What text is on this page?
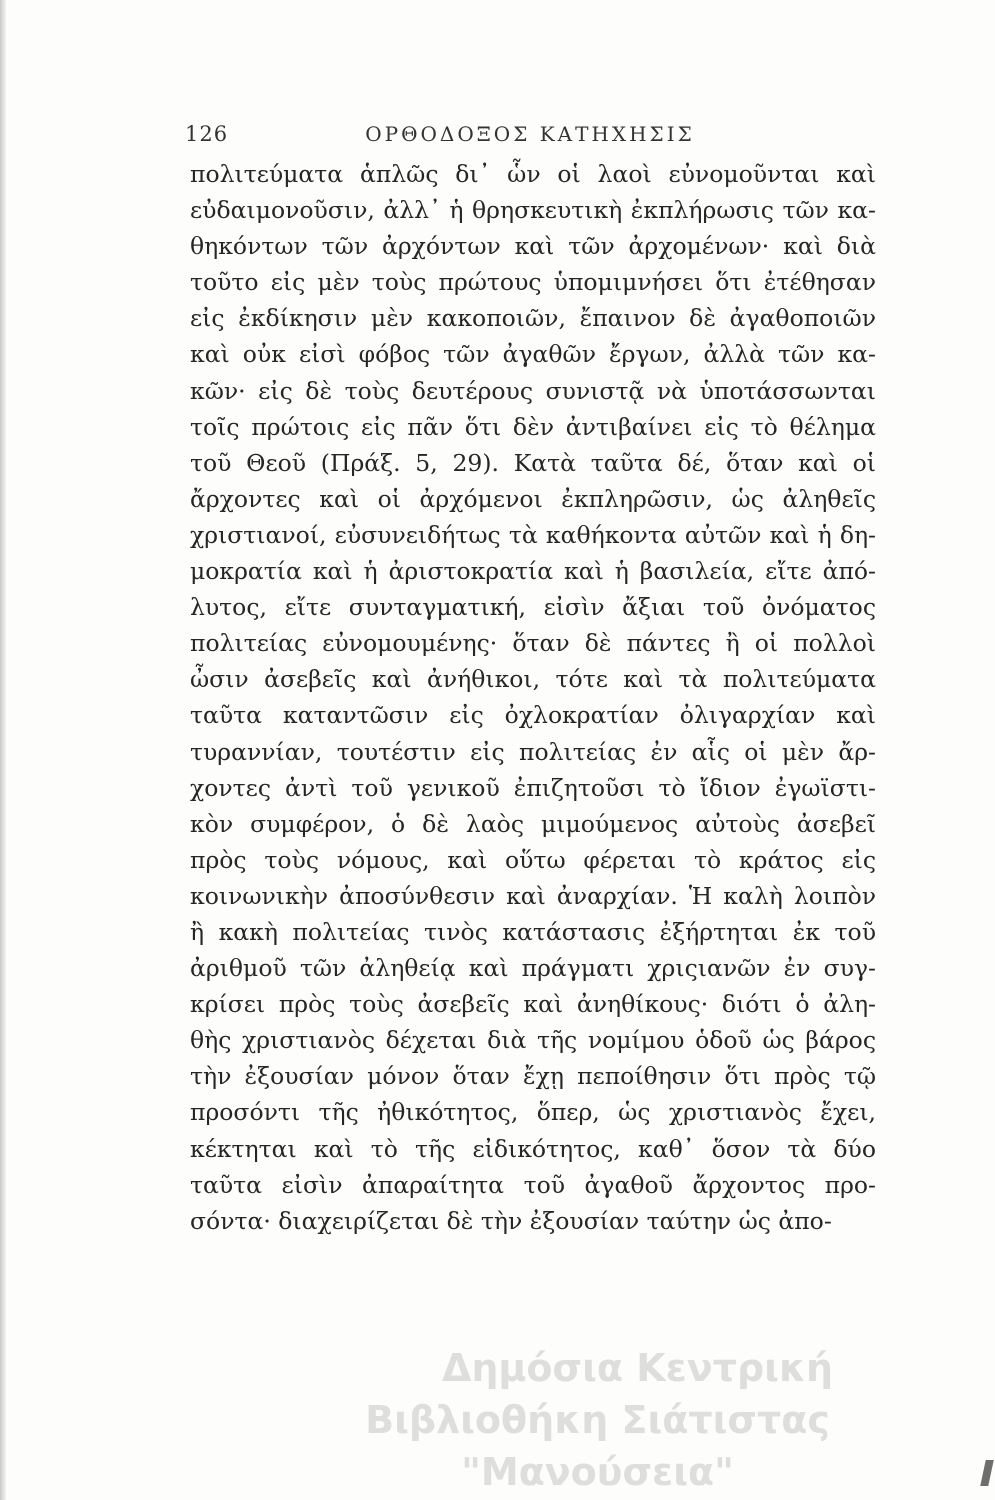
126	ΟΡΘΟΔΟΞΟΣ ΚΑΤΗΧΗΣΙΣ
πολιτεύματα ἁπλῶς δι᾽ ὧν οἱ λαοὶ εὐνομοῦνται καὶ
εὐδαιμονοῦσιν, ἀλλ᾽ ἡ θρησκευτικὴ ἐκπλήρωσις τῶν κα-
θηκόντων τῶν ἀρχόντων καὶ τῶν ἀρχομένων· καὶ διὰ
τοῦτο εἰς μὲν τοὺς πρώτους ὑπομιμνήσει ὅτι ἐτέθησαν
εἰς ἐκδίκησιν μὲν κακοποιῶν, ἔπαινον δὲ ἀγαθοποιῶν
καὶ οὐκ εἰσὶ φόβος τῶν ἀγαθῶν ἔργων, ἀλλὰ τῶν κα-
κῶν· εἰς δὲ τοὺς δευτέρους συνιστᾷ νὰ ὑποτάσσωνται
τοῖς πρώτοις εἰς πᾶν ὅτι δὲν ἀντιβαίνει εἰς τὸ θέλημα
τοῦ Θεοῦ (Πράξ. 5, 29). Κατὰ ταῦτα δέ, ὅταν καὶ οἱ
ἄρχοντες καὶ οἱ ἀρχόμενοι ἐκπληρῶσιν, ὡς ἀληθεῖς
χριστιανοί, εὐσυνειδήτως τὰ καθήκοντα αὐτῶν καὶ ἡ δη-
μοκρατία καὶ ἡ ἀριστοκρατία καὶ ἡ βασιλεία, εἴτε ἀπό-
λυτος, εἴτε συνταγματική, εἰσὶν ἄξιαι τοῦ ὀνόματος
πολιτείας εὐνομουμένης· ὅταν δὲ πάντες ἢ οἱ πολλοὶ
ὦσιν ἀσεβεῖς καὶ ἀνήθικοι, τότε καὶ τὰ πολιτεύματα
ταῦτα καταντῶσιν εἰς ὀχλοκρατίαν ὀλιγαρχίαν καὶ
τυραννίαν, τουτέστιν εἰς πολιτείας ἐν αἷς οἱ μὲν ἄρ-
χοντες ἀντὶ τοῦ γενικοῦ ἐπιζητοῦσι τὸ ἴδιον ἐγωϊστι-
κὸν συμφέρον, ὁ δὲ λαὸς μιμούμενος αὐτοὺς ἀσεβεῖ
πρὸς τοὺς νόμους, καὶ οὕτω φέρεται τὸ κράτος εἰς
κοινωνικὴν ἀποσύνθεσιν καὶ ἀναρχίαν. Ἡ καλὴ λοιπὸν
ἢ κακὴ πολιτείας τινὸς κατάστασις ἐξήρτηται ἐκ τοῦ
ἀριθμοῦ τῶν ἀληθείᾳ καὶ πράγματι χριςιανῶν ἐν συγ-
κρίσει πρὸς τοὺς ἀσεβεῖς καὶ ἀνηθίκους· διότι ὁ ἀλη-
θὴς χριστιανὸς δέχεται διὰ τῆς νομίμου ὁδοῦ ὡς βάρος
τὴν ἐξουσίαν μόνον ὅταν ἔχῃ πεποίθησιν ὅτι πρὸς τῷ
προσόντι τῆς ἠθικότητος, ὅπερ, ὡς χριστιανὸς ἔχει,
κέκτηται καὶ τὸ τῆς εἰδικότητος, καθ᾽ ὅσον τὰ δύο
ταῦτα εἰσὶν ἀπαραίτητα τοῦ ἀγαθοῦ ἄρχοντος προ-
σόντα· διαχειρίζεται δὲ τὴν ἐξουσίαν ταύτην ὡς ἀπο-
Δημόσια Κεντρική
Βιβλιοθήκη Σιάτιστας "Μανούσεια"
